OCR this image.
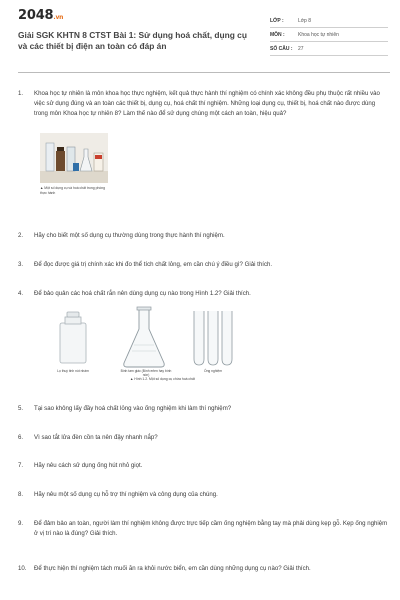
2048.vn
Giải SGK KHTN 8 CTST Bài 1: Sử dụng hoá chất, dụng cụ và các thiết bị điện an toàn có đáp án
LỚP :	Lớp 8
MÔN :	Khoa học tự nhiên
SỐ CÂU :	27
1.	Khoa học tự nhiên là môn khoa học thực nghiệm, kết quả thực hành thí nghiệm có chính xác không đều phụ thuộc rất nhiều vào việc sử dụng đúng và an toàn các thiết bị, dụng cụ, hoá chất thí nghiệm. Những loại dụng cụ, thiết bị, hoá chất nào được dùng trong môn Khoa học tự nhiên 8? Làm thế nào để sử dụng chúng một cách an toàn, hiệu quả?
▲ Một số dụng cụ và hoá chất trong phòng thực hành
2.	Hãy cho biết một số dụng cụ thường dùng trong thực hành thí nghiệm.
3.	Để đọc được giá trị chính xác khi đo thể tích chất lỏng, em cần chú ý điều gì? Giải thích.
4.	Để bảo quản các hoá chất rắn nên dùng dụng cụ nào trong Hình 1.2? Giải thích.
Lọ thuỷ tinh nút nhám	Bình tam giác (Bình erlen hay bình nón)
Ống nghiệm
▲ Hình 1.2. Một số dụng cụ chứa hoá chất
5.	Tại sao không lấy đầy hoá chất lỏng vào ống nghiệm khi làm thí nghiệm?
6.	Vì sao tắt lửa đèn cồn ta nên đậy nhanh nắp?
7.	Hãy nêu cách sử dụng ống hút nhỏ giọt.
8.	Hãy nêu một số dụng cụ hỗ trợ thí nghiệm và công dụng của chúng.
9.	Để đảm bảo an toàn, người làm thí nghiệm không được trực tiếp cầm ống nghiệm bằng tay mà phải dùng kẹp gỗ. Kẹp ống nghiệm ở vị trí nào là đúng? Giải thích.
10.	Để thực hiện thí nghiệm tách muối ăn ra khỏi nước biển, em cần dùng những dụng cụ nào? Giải thích.
